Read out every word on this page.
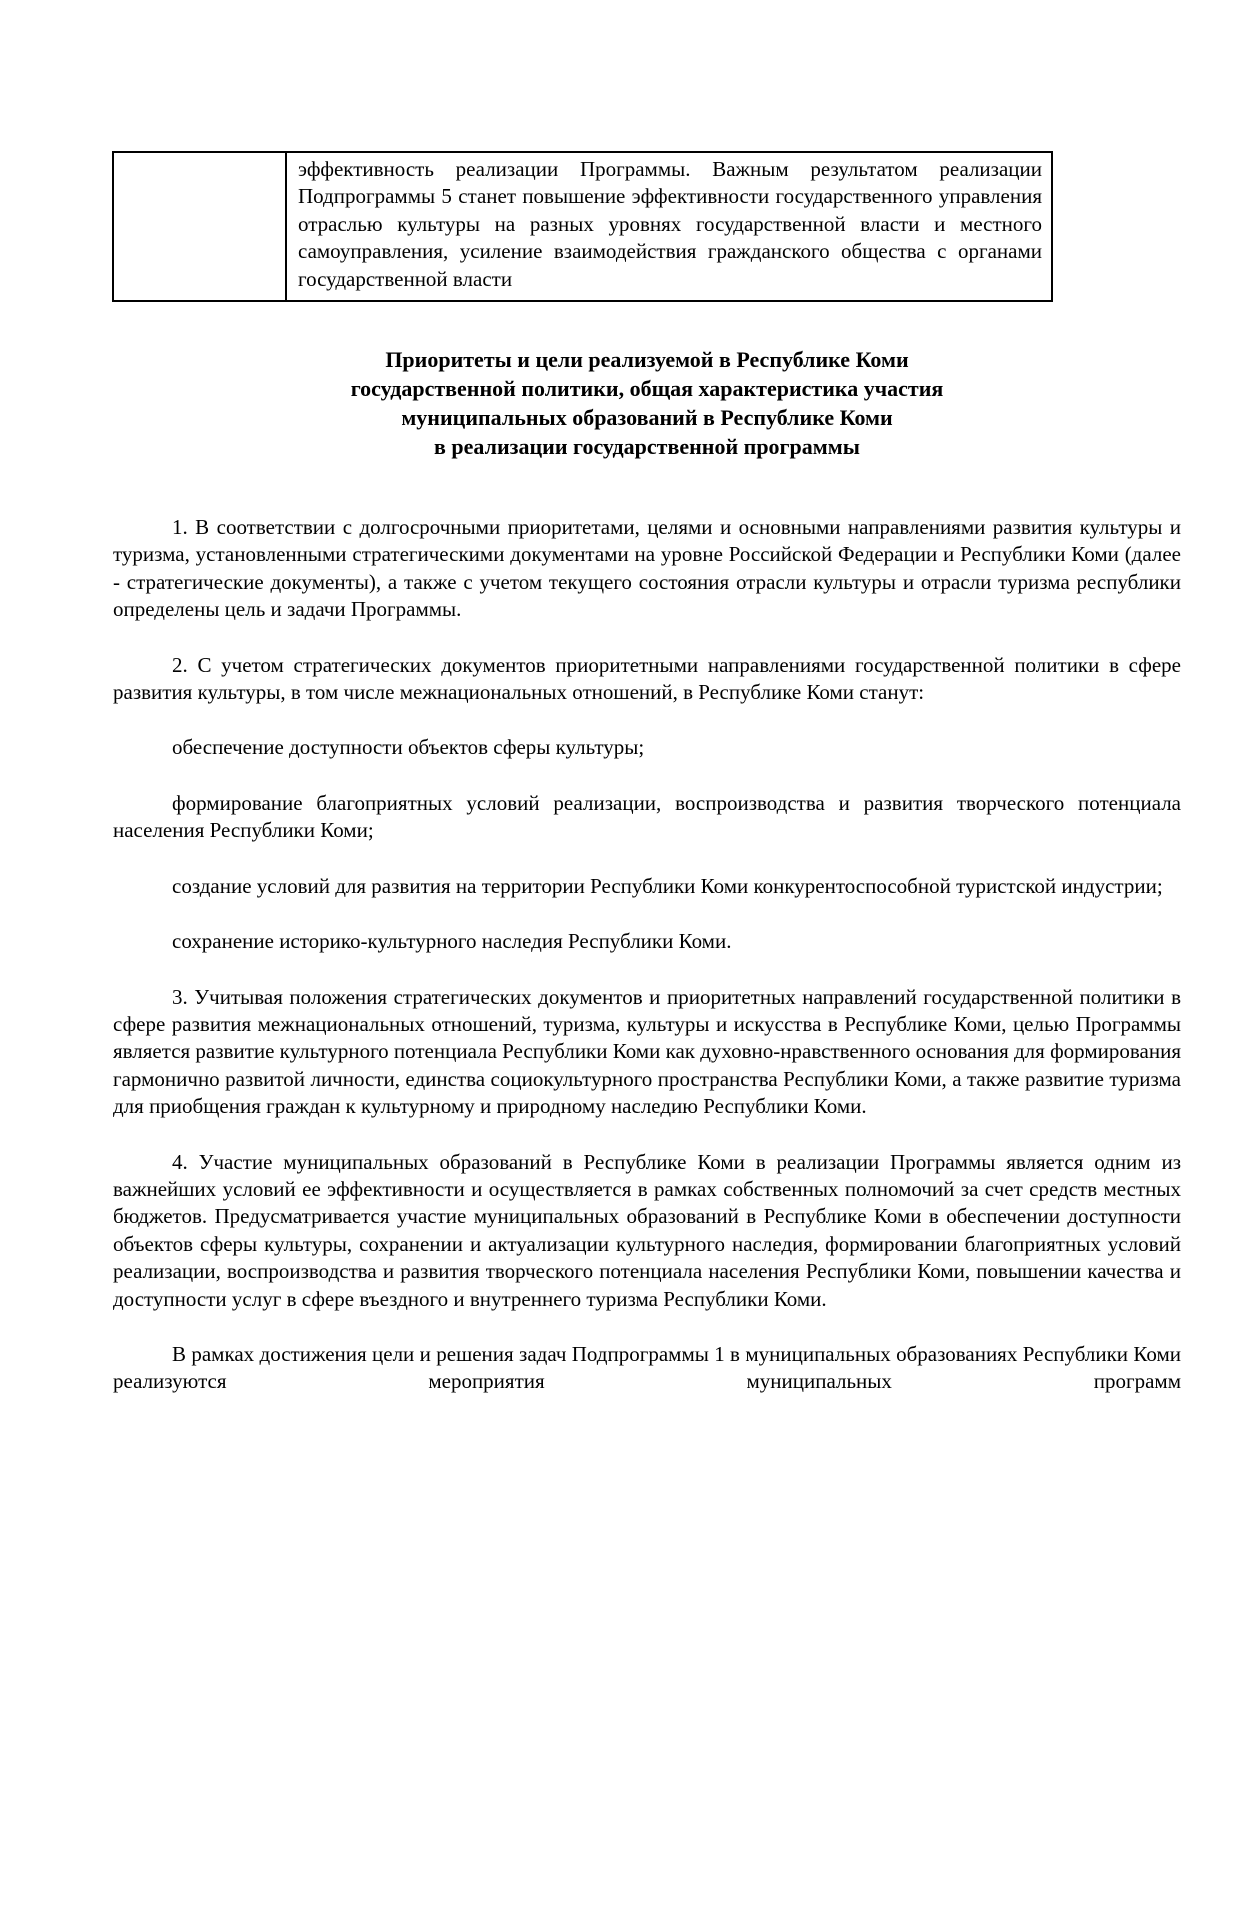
	эффективность реализации Программы. Важным результатом реализации Подпрограммы 5 станет повышение эффективности государственного управления отраслью культуры на разных уровнях государственной власти и местного самоуправления, усиление взаимодействия гражданского общества с органами государственной власти
Приоритеты и цели реализуемой в Республике Коми
государственной политики, общая характеристика участия
муниципальных образований в Республике Коми
в реализации государственной программы

1. В соответствии с долгосрочными приоритетами, целями и основными направлениями развития культуры и туризма, установленными стратегическими документами на уровне Российской Федерации и Республики Коми (далее - стратегические документы), а также с учетом текущего состояния отрасли культуры и отрасли туризма республики определены цель и задачи Программы.

2. С учетом стратегических документов приоритетными направлениями государственной политики в сфере развития культуры, в том числе межнациональных отношений, в Республике Коми станут:

обеспечение доступности объектов сферы культуры;

формирование благоприятных условий реализации, воспроизводства и развития творческого потенциала населения Республики Коми;

создание условий для развития на территории Республики Коми конкурентоспособной туристской индустрии;

сохранение историко-культурного наследия Республики Коми.

3. Учитывая положения стратегических документов и приоритетных направлений государственной политики в сфере развития межнациональных отношений, туризма, культуры и искусства в Республике Коми, целью Программы является развитие культурного потенциала Республики Коми как духовно-нравственного основания для формирования гармонично развитой личности, единства социокультурного пространства Республики Коми, а также развитие туризма для приобщения граждан к культурному и природному наследию Республики Коми.

4. Участие муниципальных образований в Республике Коми в реализации Программы является одним из важнейших условий ее эффективности и осуществляется в рамках собственных полномочий за счет средств местных бюджетов. Предусматривается участие муниципальных образований в Республике Коми в обеспечении доступности объектов сферы культуры, сохранении и актуализации культурного наследия, формировании благоприятных условий реализации, воспроизводства и развития творческого потенциала населения Республики Коми, повышении качества и доступности услуг в сфере въездного и внутреннего туризма Республики Коми.

В рамках достижения цели и решения задач Подпрограммы 1 в муниципальных образованиях Республики Коми реализуются мероприятия муниципальных программ
